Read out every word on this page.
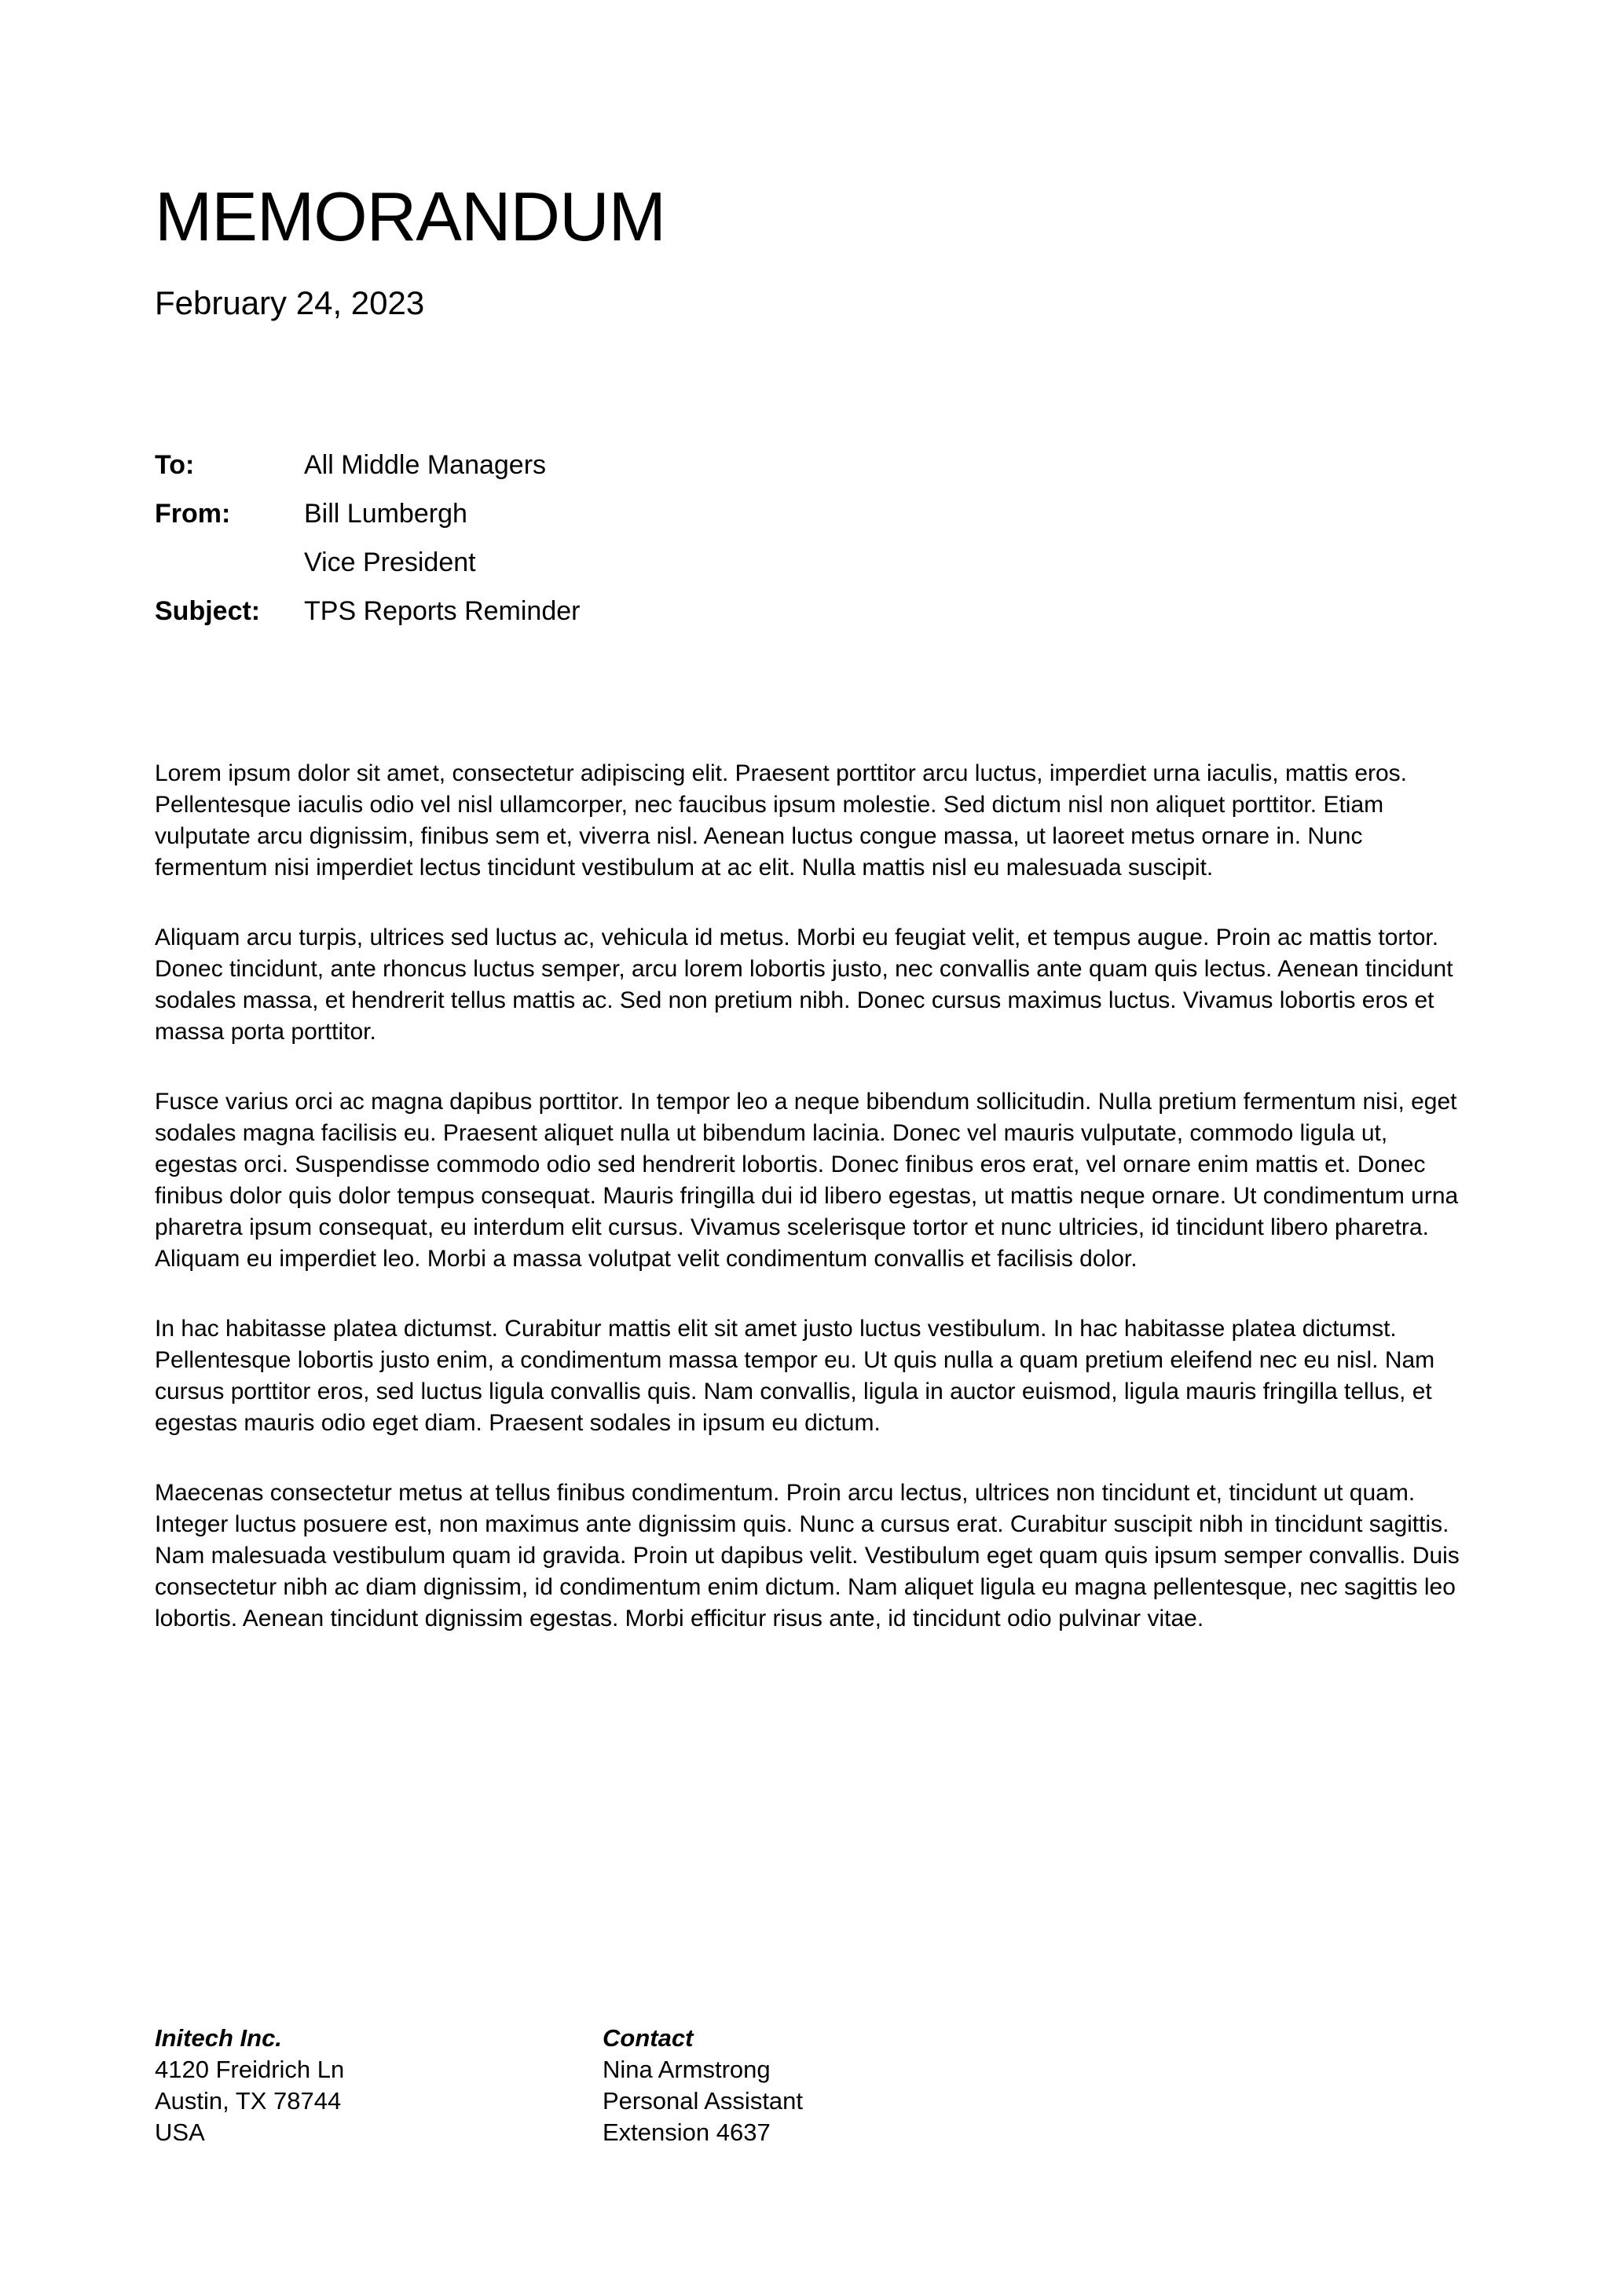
MEMORANDUM
February 24, 2023
To:	All Middle Managers
From:	Bill Lumbergh
Vice President
Subject:	TPS Reports Reminder

Lorem ipsum dolor sit amet, consectetur adipiscing elit. Praesent porttitor arcu luctus, imperdiet urna iaculis, mattis eros. Pellentesque iaculis odio vel nisl ullamcorper, nec faucibus ipsum molestie. Sed dictum nisl non aliquet porttitor. Etiam vulputate arcu dignissim, finibus sem et, viverra nisl. Aenean luctus congue massa, ut laoreet metus ornare in. Nunc fermentum nisi imperdiet lectus tincidunt vestibulum at ac elit. Nulla mattis nisl eu malesuada suscipit.

Aliquam arcu turpis, ultrices sed luctus ac, vehicula id metus. Morbi eu feugiat velit, et tempus augue. Proin ac mattis tortor. Donec tincidunt, ante rhoncus luctus semper, arcu lorem lobortis justo, nec convallis ante quam quis lectus. Aenean tincidunt sodales massa, et hendrerit tellus mattis ac. Sed non pretium nibh. Donec cursus maximus luctus. Vivamus lobortis eros et massa porta porttitor.

Fusce varius orci ac magna dapibus porttitor. In tempor leo a neque bibendum sollicitudin. Nulla pretium fermentum nisi, eget sodales magna facilisis eu. Praesent aliquet nulla ut bibendum lacinia. Donec vel mauris vulputate, commodo ligula ut, egestas orci. Suspendisse commodo odio sed hendrerit lobortis. Donec finibus eros erat, vel ornare enim mattis et. Donec finibus dolor quis dolor tempus consequat. Mauris fringilla dui id libero egestas, ut mattis neque ornare. Ut condimentum urna pharetra ipsum consequat, eu interdum elit cursus. Vivamus scelerisque tortor et nunc ultricies, id tincidunt libero pharetra. Aliquam eu imperdiet leo. Morbi a massa volutpat velit condimentum convallis et facilisis dolor.

In hac habitasse platea dictumst. Curabitur mattis elit sit amet justo luctus vestibulum. In hac habitasse platea dictumst. Pellentesque lobortis justo enim, a condimentum massa tempor eu. Ut quis nulla a quam pretium eleifend nec eu nisl. Nam cursus porttitor eros, sed luctus ligula convallis quis. Nam convallis, ligula in auctor euismod, ligula mauris fringilla tellus, et egestas mauris odio eget diam. Praesent sodales in ipsum eu dictum.

Maecenas consectetur metus at tellus finibus condimentum. Proin arcu lectus, ultrices non tincidunt et, tincidunt ut quam. Integer luctus posuere est, non maximus ante dignissim quis. Nunc a cursus erat. Curabitur suscipit nibh in tincidunt sagittis. Nam malesuada vestibulum quam id gravida. Proin ut dapibus velit. Vestibulum eget quam quis ipsum semper convallis. Duis consectetur nibh ac diam dignissim, id condimentum enim dictum. Nam aliquet ligula eu magna pellentesque, nec sagittis leo lobortis. Aenean tincidunt dignissim egestas. Morbi efficitur risus ante, id tincidunt odio pulvinar vitae.

Initech Inc.
4120 Freidrich Ln
Austin, TX 78744
USA
Contact
Nina Armstrong
Personal Assistant
Extension 4637
